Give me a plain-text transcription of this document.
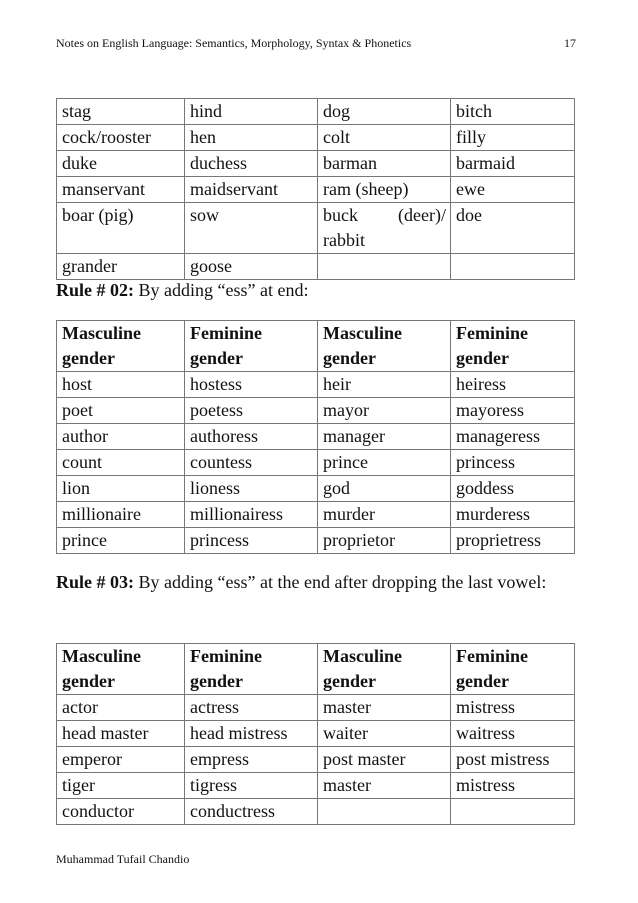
Notes on English Language: Semantics, Morphology, Syntax & Phonetics	17
stag	hind	dog	bitch
cock/rooster	hen	colt	filly
duke	duchess	barman	barmaid
manservant	maidservant	ram (sheep)	ewe
boar (pig)	sow	buck (deer)/ rabbit	doe
grander	goose		
Rule # 02: By adding “ess” at end:
Masculine gender	Feminine gender	Masculine gender	Feminine gender
host	hostess	heir	heiress
poet	poetess	mayor	mayoress
author	authoress	manager	manageress
count	countess	prince	princess
lion	lioness	god	goddess
millionaire	millionairess	murder	murderess
prince	princess	proprietor	proprietress
Rule # 03: By adding “ess” at the end after dropping the last vowel:
Masculine gender	Feminine gender	Masculine gender	Feminine gender
actor	actress	master	mistress
head master	head mistress	waiter	waitress
emperor	empress	post master	post mistress
tiger	tigress	master	mistress
conductor	conductress		
Muhammad Tufail Chandio
